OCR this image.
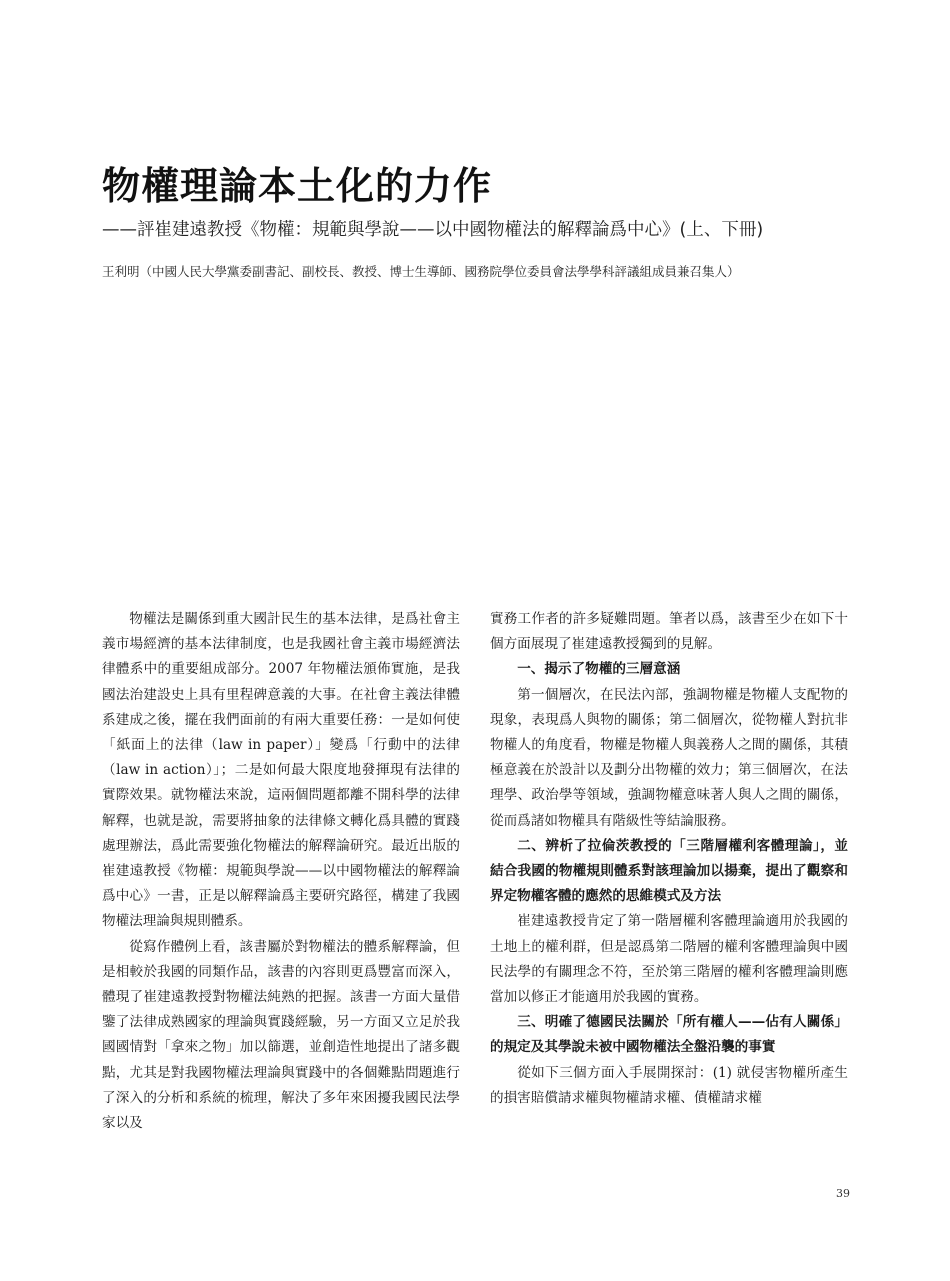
物權理論本土化的力作
——評崔建遠教授《物權：規範與學說——以中國物權法的解釋論爲中心》(上、下冊)
王利明（中國人民大學黨委副書記、副校長、教授、博士生導師、國務院學位委員會法學學科評議組成員兼召集人）

物權法是關係到重大國計民生的基本法律，是爲社會主義市場經濟的基本法律制度，也是我國社會主義市場經濟法律體系中的重要組成部分。2007 年物權法頒佈實施，是我國法治建設史上具有里程碑意義的大事。在社會主義法律體系建成之後，擺在我們面前的有兩大重要任務：一是如何使「紙面上的法律（law in paper）」變爲「行動中的法律（law in action）」；二是如何最大限度地發揮現有法律的實際效果。就物權法來說，這兩個問題都離不開科學的法律解釋，也就是說，需要將抽象的法律條文轉化爲具體的實踐處理辦法，爲此需要強化物權法的解釋論研究。最近出版的崔建遠教授《物權：規範與學說——以中國物權法的解釋論爲中心》一書，正是以解釋論爲主要研究路徑，構建了我國物權法理論與規則體系。

從寫作體例上看，該書屬於對物權法的體系解釋論，但是相較於我國的同類作品，該書的內容則更爲豐富而深入，體現了崔建遠教授對物權法純熟的把握。該書一方面大量借鑒了法律成熟國家的理論與實踐經驗，另一方面又立足於我國國情對「拿來之物」加以篩選，並創造性地提出了諸多觀點，尤其是對我國物權法理論與實踐中的各個難點問題進行了深入的分析和系統的梳理，解決了多年來困擾我國民法學家以及

實務工作者的許多疑難問題。筆者以爲，該書至少在如下十個方面展現了崔建遠教授獨到的見解。

一、揭示了物權的三層意涵

第一個層次，在民法內部，強調物權是物權人支配物的現象，表現爲人與物的關係；第二個層次，從物權人對抗非物權人的角度看，物權是物權人與義務人之間的關係，其積極意義在於設計以及劃分出物權的效力；第三個層次，在法理學、政治學等領域，強調物權意味著人與人之間的關係，從而爲諸如物權具有階級性等結論服務。

二、辨析了拉倫茨教授的「三階層權利客體理論」，並結合我國的物權規則體系對該理論加以揚棄，提出了觀察和界定物權客體的應然的思維模式及方法

崔建遠教授肯定了第一階層權利客體理論適用於我國的土地上的權利群，但是認爲第二階層的權利客體理論與中國民法學的有關理念不符，至於第三階層的權利客體理論則應當加以修正才能適用於我國的實務。

三、明確了德國民法關於「所有權人——佔有人關係」的規定及其學說未被中國物權法全盤沿襲的事實

從如下三個方面入手展開探討：(1) 就侵害物權所產生的損害賠償請求權與物權請求權、債權請求權

39
